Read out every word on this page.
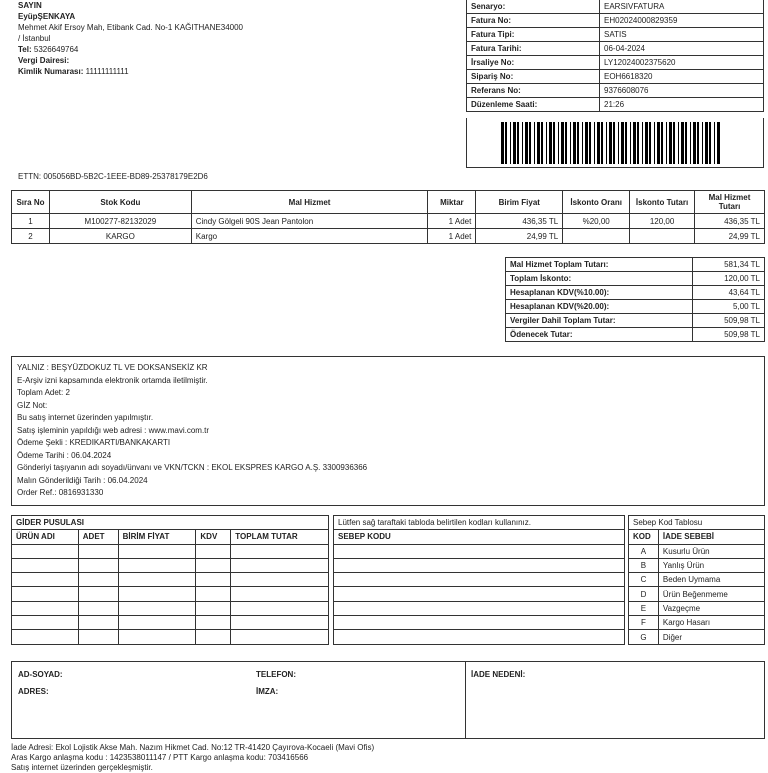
SAYIN
EyüpŞENKAYA
Mehmet Akif Ersoy Mah, Etibank Cad. No-1 KAĞITHANE34000
/ İstanbul
Tel: 5326649764
Vergi Dairesi:
Kimlik Numarası: 11111111111
Senaryo:	EARSIVFATURA
Fatura No:	EH02024000829359
Fatura Tipi:	SATIS
Fatura Tarihi:	06-04-2024
İrsaliye No:	LY12024002375620
Sipariş No:	EOH6618320
Referans No:	9376608076
Düzenleme Saati:	21:26
ETTN: 005056BD-5B2C-1EEE-BD89-25378179E2D6
Sıra No	Stok Kodu	Mal Hizmet	Miktar	Birim Fiyat	İskonto Oranı	İskonto Tutarı	Mal Hizmet Tutarı
1	M100277-82132029	Cindy Gölgeli 90S Jean Pantolon	1 Adet	436,35 TL	%20,00	120,00	436,35 TL
2	KARGO	Kargo	1 Adet	24,99 TL			24,99 TL
Mal Hizmet Toplam Tutarı:	581,34 TL
Toplam İskonto:	120,00 TL
Hesaplanan KDV(%10.00):	43,64 TL
Hesaplanan KDV(%20.00):	5,00 TL
Vergiler Dahil Toplam Tutar:	509,98 TL
Ödenecek Tutar:	509,98 TL
YALNIZ : BEŞYÜZDOKUZ TL VE DOKSANSEKİZ KR
E-Arşiv izni kapsamında elektronik ortamda iletilmiştir.
Toplam Adet: 2
GİZ Not:
Bu satış internet üzerinden yapılmıştır.
Satış işleminin yapıldığı web adresi : www.mavi.com.tr
Ödeme Şekli : KREDIKARTI/BANKAKARTI
Ödeme Tarihi : 06.04.2024
Gönderiyi taşıyanın adı soyadı/ünvanı ve VKN/TCKN : EKOL EKSPRES KARGO A.Ş. 3300936366
Malın Gönderildiği Tarih : 06.04.2024
Order Ref.: 0816931330
GİDER PUSULASI				
ÜRÜN ADI	ADET	BİRİM FİYAT	KDV	TOPLAM TUTAR

Lütfen sağ taraftaki tabloda belirtilen kodları kullanınız.
SEBEP KODU

Sebep Kod Tablosu	
KOD	İADE SEBEBİ
A	Kusurlu Ürün
B	Yanlış Ürün
C	Beden Uymama
D	Ürün Beğenmeme
E	Vazgeçme
F	Kargo Hasarı
G	Diğer
AD-SOYAD:	TELEFON:
ADRES:	İMZA:
İADE NEDENİ:
İade Adresi: Ekol Lojistik Akse Mah. Nazım Hikmet Cad. No:12 TR-41420 Çayırova-Kocaeli (Mavi Ofis)
Aras Kargo anlaşma kodu : 1423538011147 / PTT Kargo anlaşma kodu: 703416566
Satış internet üzerinden gerçekleşmiştir.
